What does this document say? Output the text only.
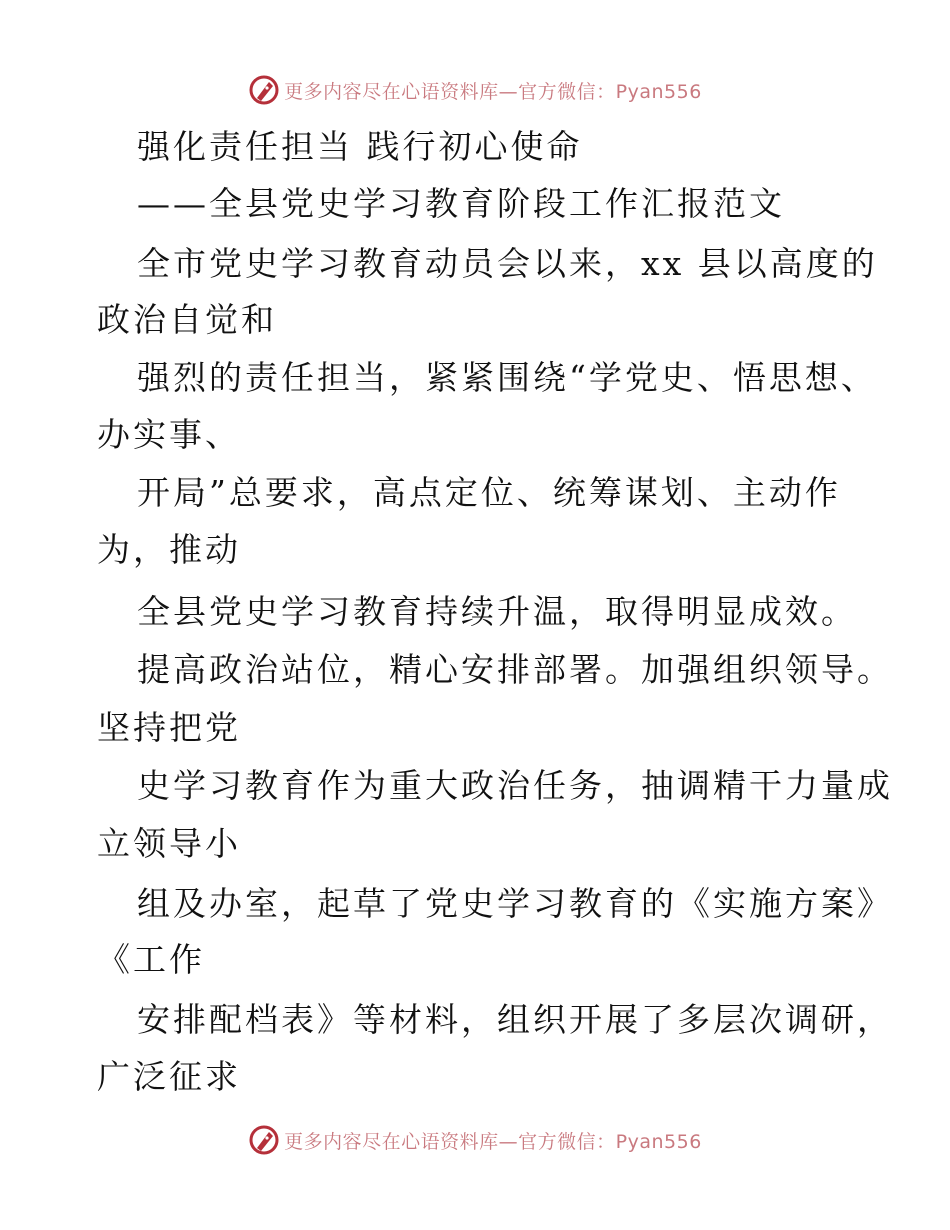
更多内容尽在心语资料库—官方微信：Pyan556
强化责任担当 践行初心使命
——全县党史学习教育阶段工作汇报范文
全市党史学习教育动员会以来，xx 县以高度的
政治自觉和
强烈的责任担当，紧紧围绕“学党史、悟思想、
办实事、
开局”总要求，高点定位、统筹谋划、主动作
为，推动
全县党史学习教育持续升温，取得明显成效。
提高政治站位，精心安排部署。加强组织领导。
坚持把党
史学习教育作为重大政治任务，抽调精干力量成
立领导小
组及办室，起草了党史学习教育的《实施方案》
《工作
安排配档表》等材料，组织开展了多层次调研，
广泛征求
更多内容尽在心语资料库—官方微信：Pyan556
